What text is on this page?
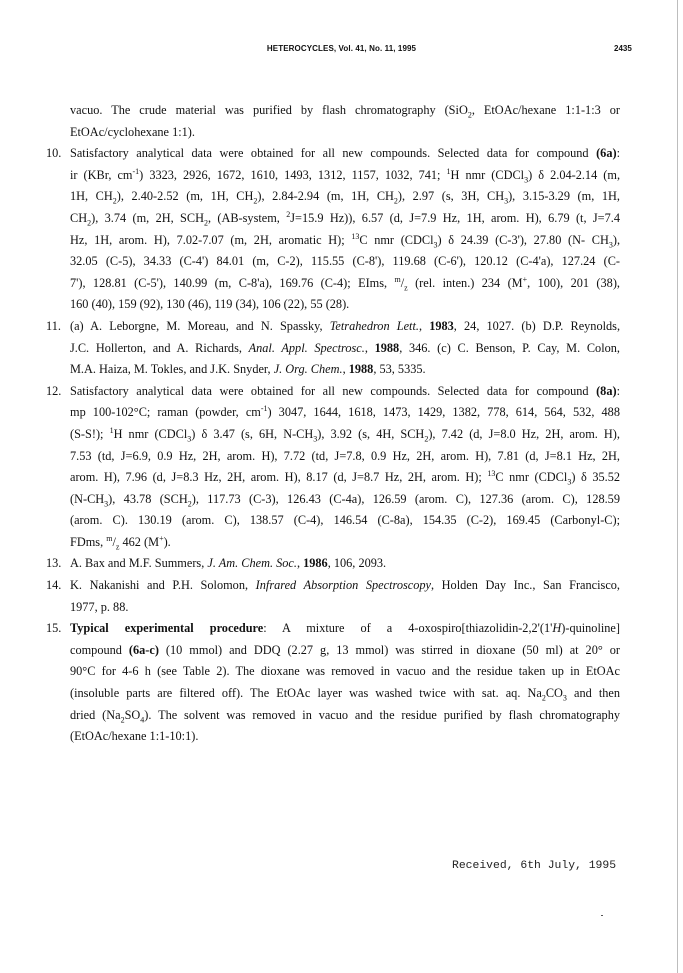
HETEROCYCLES, Vol. 41, No. 11, 1995	2435
vacuo. The crude material was purified by flash chromatography (SiO$_2$, EtOAc/hexane 1:1-1:3 or
EtOAc/cyclohexane 1:1).
10. Satisfactory analytical data were obtained for all new compounds. Selected data for compound (6a):
ir (KBr, $cm^{-1}$) 3323, 2926, 1672, 1610, 1493, 1312, 1157, 1032, 741; $^1$H nmr (CDCl$_3$) δ 2.04-2.14 (m,
1H, $CH_2$), 2.40-2.52 (m, 1H, $CH_2$), 2.84-2.94 (m, 1H, $CH_2$), 2.97 (s, 3H, $CH_3$), 3.15-3.29 (m, 1H,
$CH_2$), 3.74 (m, 2H, $SCH_2$, (AB-system, $^2$J=15.9 Hz)), 6.57 (d, J=7.9 Hz, 1H, arom. H), 6.79 (t, J=7.4
Hz, 1H, arom. H), 7.02-7.07 (m, 2H, aromatic H); $^{13}$C nmr (CDCl$_3$) δ 24.39 (C-3'), 27.80 (N- $CH_3$),
32.05 (C-5), 34.33 (C-4') 84.01 (m, C-2), 115.55 (C-8'), 119.68 (C-6'), 120.12 (C-4'a), 127.24 (C-
7'), 128.81 (C-5'), 140.99 (m, C-8'a), 169.76 (C-4); EIms, $^m/_z$ (rel. inten.) 234 (M+, 100), 201 (38),
160 (40), 159 (92), 130 (46), 119 (34), 106 (22), 55 (28).
11. (a) A. Leborgne, M. Moreau, and N. Spassky, Tetrahedron Lett., 1983, 24, 1027. (b) D.P. Reynolds,
J.C. Hollerton, and A. Richards, Anal. Appl. Spectrosc., 1988, 346. (c) C. Benson, P. Cay, M. Colon,
M.A. Haiza, M. Tokles, and J.K. Snyder, J. Org. Chem., 1988, 53, 5335.
12. Satisfactory analytical data were obtained for all new compounds. Selected data for compound (8a):
mp 100-102°C; raman (powder, $cm^{-1}$) 3047, 1644, 1618, 1473, 1429, 1382, 778, 614, 564, 532, 488
(S-S!); $^1$H nmr (CDCl$_3$) δ 3.47 (s, 6H, $N-CH_3$), 3.92 (s, 4H, $SCH_2$), 7.42 (d, J=8.0 Hz, 2H, arom. H),
7.53 (td, J=6.9, 0.9 Hz, 2H, arom. H), 7.72 (td, J=7.8, 0.9 Hz, 2H, arom. H), 7.81 (d, J=8.1 Hz, 2H,
arom. H), 7.96 (d, J=8.3 Hz, 2H, arom. H), 8.17 (d, J=8.7 Hz, 2H, arom. H); $^{13}$C nmr (CDCl$_3$) δ 35.52
$(N-CH_3)$, 43.78 $(SCH_2)$, 117.73 (C-3), 126.43 (C-4a), 126.59 (arom. C), 127.36 (arom. C), 128.59
(arom. C). 130.19 (arom. C), 138.57 (C-4), 146.54 (C-8a), 154.35 (C-2), 169.45 (Carbonyl-C);
FDms, $^m/_z$ 462 (M+).
13. A. Bax and M.F. Summers, J. Am. Chem. Soc., 1986, 106, 2093.
14. K. Nakanishi and P.H. Solomon, Infrared Absorption Spectroscopy, Holden Day Inc., San Francisco,
1977, p. 88.
15. Typical experimental procedure: A mixture of a 4-oxospiro[thiazolidin-2,2'(1'H)-quinoline]
compound (6a-c) (10 mmol) and DDQ (2.27 g, 13 mmol) was stirred in dioxane (50 ml) at 20° or
90°C for 4-6 h (see Table 2). The dioxane was removed in vacuo and the residue taken up in EtOAc
(insoluble parts are filtered off). The EtOAc layer was washed twice with sat. aq. $Na_2CO_3$ and then
dried $(Na_2SO_4)$. The solvent was removed in vacuo and the residue purified by flash chromatography
(EtOAc/hexane 1:1-10:1).
Received, 6th July, 1995
